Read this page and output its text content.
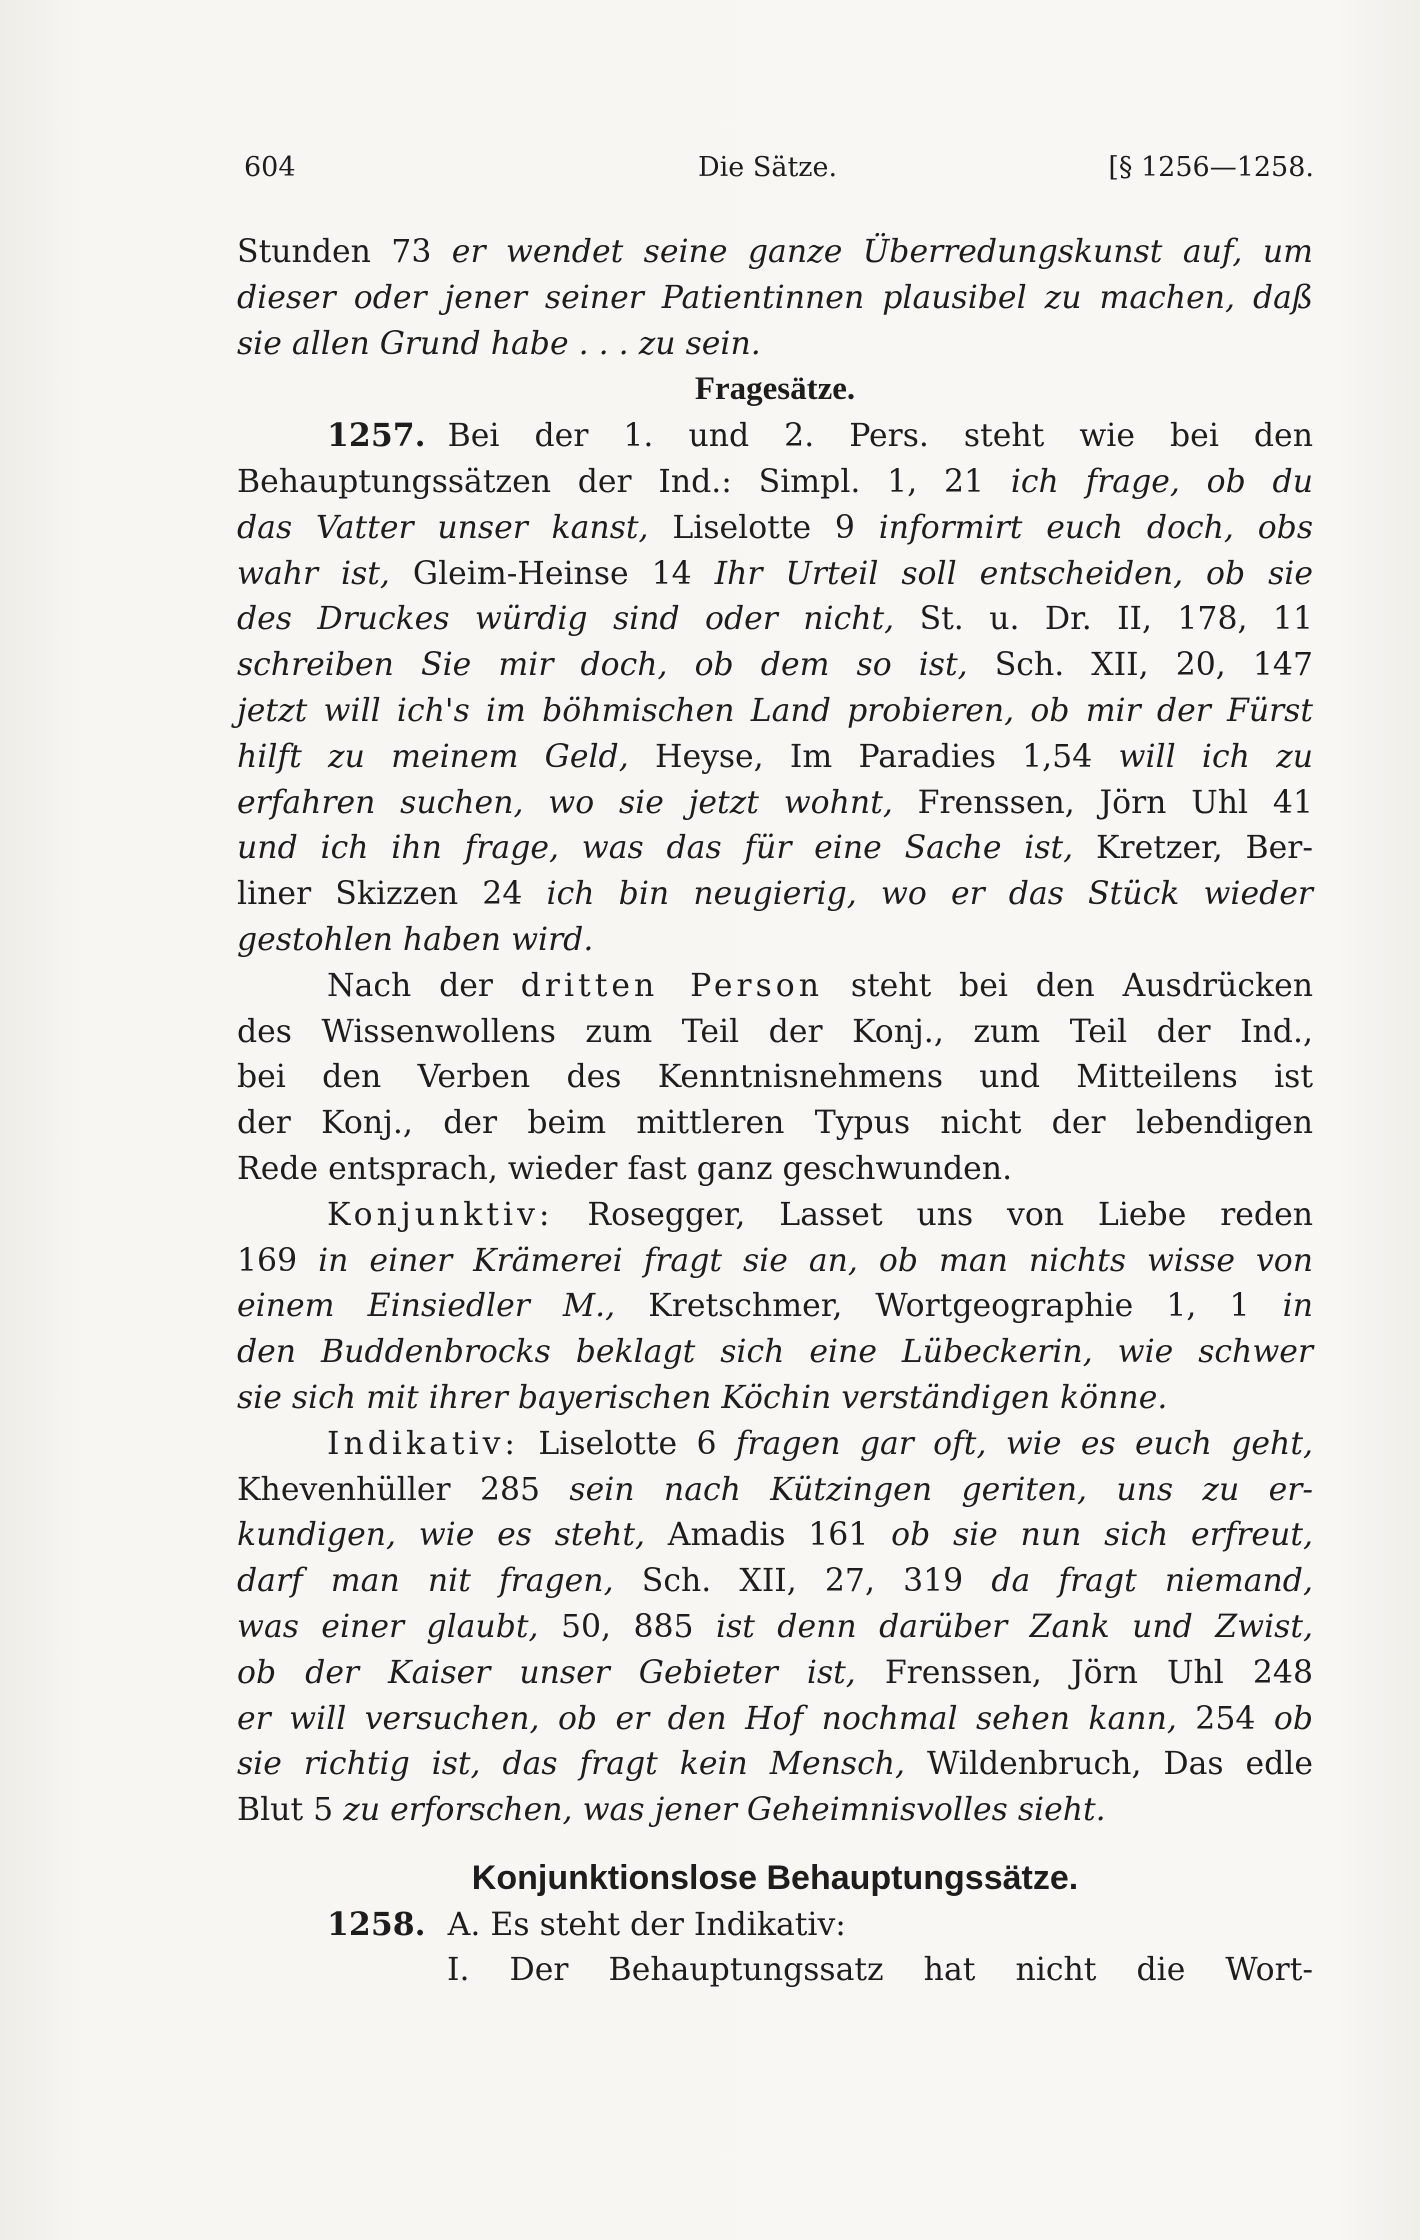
604	Die Sätze.	[§ 1256—1258.
Stunden 73 er wendet seine ganze Überredungskunst auf, um
dieser oder jener seiner Patientinnen plausibel zu machen, daß
sie allen Grund habe . . . zu sein.
Fragesätze.
1257. Bei der 1. und 2. Pers. steht wie bei den
Behauptungssätzen der Ind.: Simpl. 1, 21 ich frage, ob du
das Vatter unser kanst, Liselotte 9 informirt euch doch, obs
wahr ist, Gleim-Heinse 14 Ihr Urteil soll entscheiden, ob sie
des Druckes würdig sind oder nicht, St. u. Dr. II, 178, 11
schreiben Sie mir doch, ob dem so ist, Sch. XII, 20, 147
jetzt will ich's im böhmischen Land probieren, ob mir der Fürst
hilft zu meinem Geld, Heyse, Im Paradies 1,54 will ich zu
erfahren suchen, wo sie jetzt wohnt, Frenssen, Jörn Uhl 41
und ich ihn frage, was das für eine Sache ist, Kretzer, Ber-
liner Skizzen 24 ich bin neugierig, wo er das Stück wieder
gestohlen haben wird.
Nach der dritten Person steht bei den Ausdrücken
des Wissenwollens zum Teil der Konj., zum Teil der Ind.,
bei den Verben des Kenntnisnehmens und Mitteilens ist
der Konj., der beim mittleren Typus nicht der lebendigen
Rede entsprach, wieder fast ganz geschwunden.
Konjunktiv: Rosegger, Lasset uns von Liebe reden
169 in einer Krämerei fragt sie an, ob man nichts wisse von
einem Einsiedler M., Kretschmer, Wortgeographie 1, 1 in
den Buddenbrocks beklagt sich eine Lübeckerin, wie schwer
sie sich mit ihrer bayerischen Köchin verständigen könne.
Indikativ: Liselotte 6 fragen gar oft, wie es euch geht,
Khevenhüller 285 sein nach Kützingen geriten, uns zu er-
kundigen, wie es steht, Amadis 161 ob sie nun sich erfreut,
darf man nit fragen, Sch. XII, 27, 319 da fragt niemand,
was einer glaubt, 50, 885 ist denn darüber Zank und Zwist,
ob der Kaiser unser Gebieter ist, Frenssen, Jörn Uhl 248
er will versuchen, ob er den Hof nochmal sehen kann, 254 ob
sie richtig ist, das fragt kein Mensch, Wildenbruch, Das edle
Blut 5 zu erforschen, was jener Geheimnisvolles sieht.
Konjunktionslose Behauptungssätze.
1258. A. Es steht der Indikativ:
I. Der Behauptungssatz hat nicht die Wort-
